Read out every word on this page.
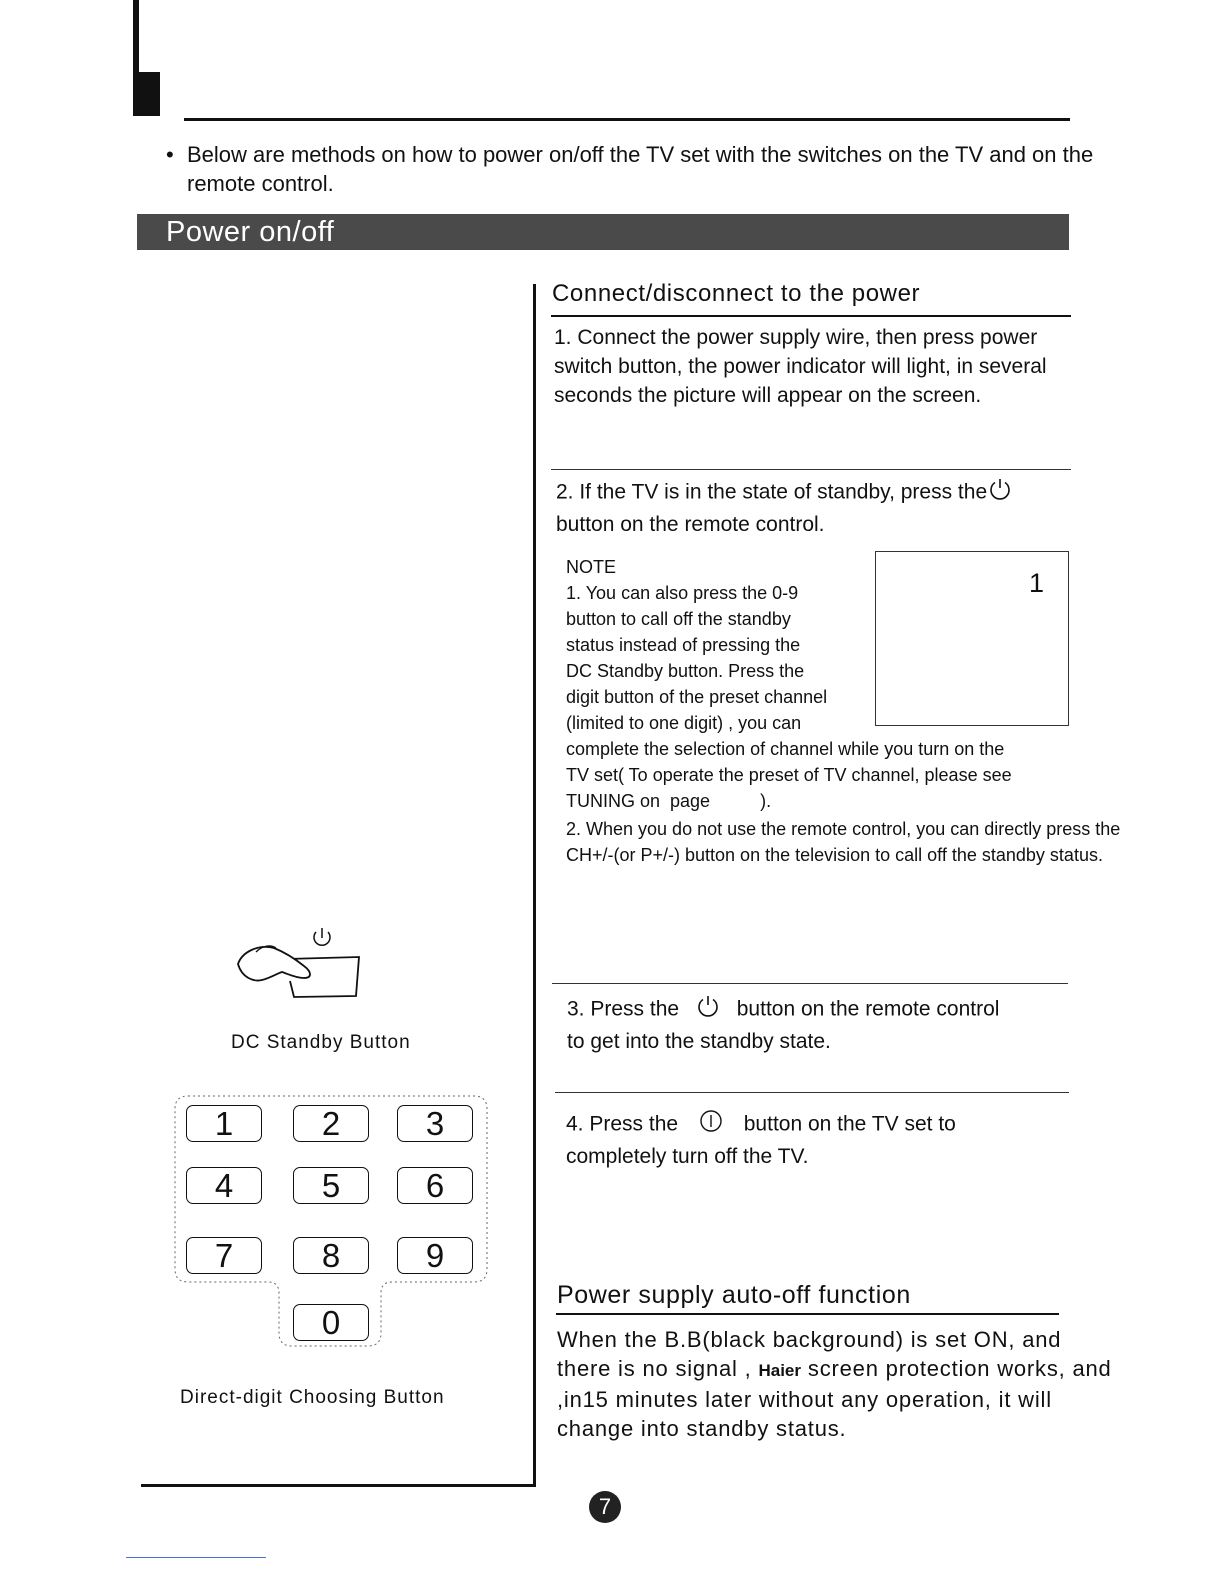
• Below are methods on how to power on/off the TV set with the switches on the TV and on the remote control.
Power on/off
Connect/disconnect to the power
1. Connect the power supply wire, then press power switch button, the power indicator will light, in several seconds the picture will appear on the screen.
2. If the TV is in the state of standby, press the
button on the remote control.
NOTE
1. You can also press the 0-9
button to call off the standby
status instead of pressing the
DC Standby button. Press the
digit button of the preset channel
(limited to one digit) , you can
complete the selection of channel while you turn on the
TV set( To operate the preset of TV channel, please see
TUNING on  page          ).
2. When you do not use the remote control, you can directly press the CH+/-(or P+/-) button on the television to call off the standby status.
1
3. Press the	button on the remote control
to get into the standby state.
4. Press the	button on the TV set to
completely turn off the TV.
Power supply auto-off function
When the B.B(black background) is set ON, and there is no signal , Haier screen protection works, and ,in15 minutes later without any operation, it will change into standby status.
DC Standby Button
1	2	3
4	5	6
7	8	9
0
Direct-digit Choosing Button
7
